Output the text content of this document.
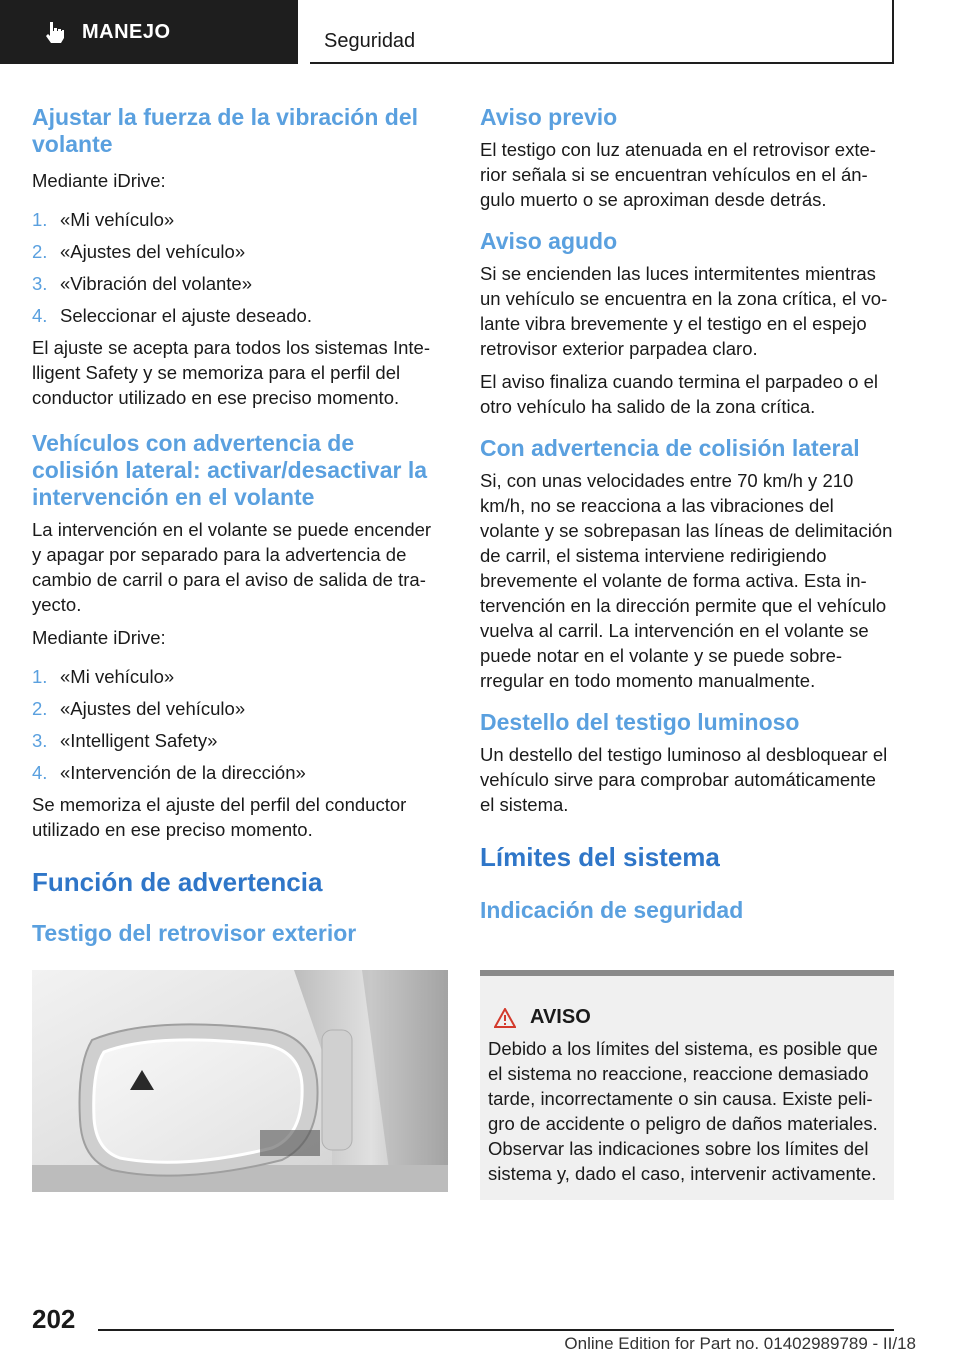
MANEJO	Seguridad
Ajustar la fuerza de la vibración del volante

Mediante iDrive:

1. «Mi vehículo»
2. «Ajustes del vehículo»
3. «Vibración del volante»
4. Seleccionar el ajuste deseado.

El ajuste se acepta para todos los sistemas Intelligent Safety y se memoriza para el perfil del conductor utilizado en ese preciso momento.

Vehículos con advertencia de colisión lateral: activar/desactivar la intervención en el volante

La intervención en el volante se puede encender y apagar por separado para la advertencia de cambio de carril o para el aviso de salida de trayecto.

Mediante iDrive:

1. «Mi vehículo»
2. «Ajustes del vehículo»
3. «Intelligent Safety»
4. «Intervención de la dirección»

Se memoriza el ajuste del perfil del conductor utilizado en ese preciso momento.

Función de advertencia
Testigo del retrovisor exterior
Aviso previo

El testigo con luz atenuada en el retrovisor exterior señala si se encuentran vehículos en el ángulo muerto o se aproximan desde detrás.

Aviso agudo

Si se encienden las luces intermitentes mientras un vehículo se encuentra en la zona crítica, el volante vibra brevemente y el testigo en el espejo retrovisor exterior parpadea claro.

El aviso finaliza cuando termina el parpadeo o el otro vehículo ha salido de la zona crítica.

Con advertencia de colisión lateral

Si, con unas velocidades entre 70 km/h y 210 km/h, no se reacciona a las vibraciones del volante y se sobrepasan las líneas de delimitación de carril, el sistema interviene redirigiendo brevemente el volante de forma activa. Esta intervención en la dirección permite que el vehículo vuelva al carril. La intervención en el volante se puede notar en el volante y se puede sobrerregular en todo momento manualmente.

Destello del testigo luminoso

Un destello del testigo luminoso al desbloquear el vehículo sirve para comprobar automáticamente el sistema.

Límites del sistema
Indicación de seguridad
AVISO
Debido a los límites del sistema, es posible que el sistema no reaccione, reaccione demasiado tarde, incorrectamente o sin causa. Existe peligro de accidente o peligro de daños materiales. Observar las indicaciones sobre los límites del sistema y, dado el caso, intervenir activamente.
202
Online Edition for Part no. 01402989789 - II/18
